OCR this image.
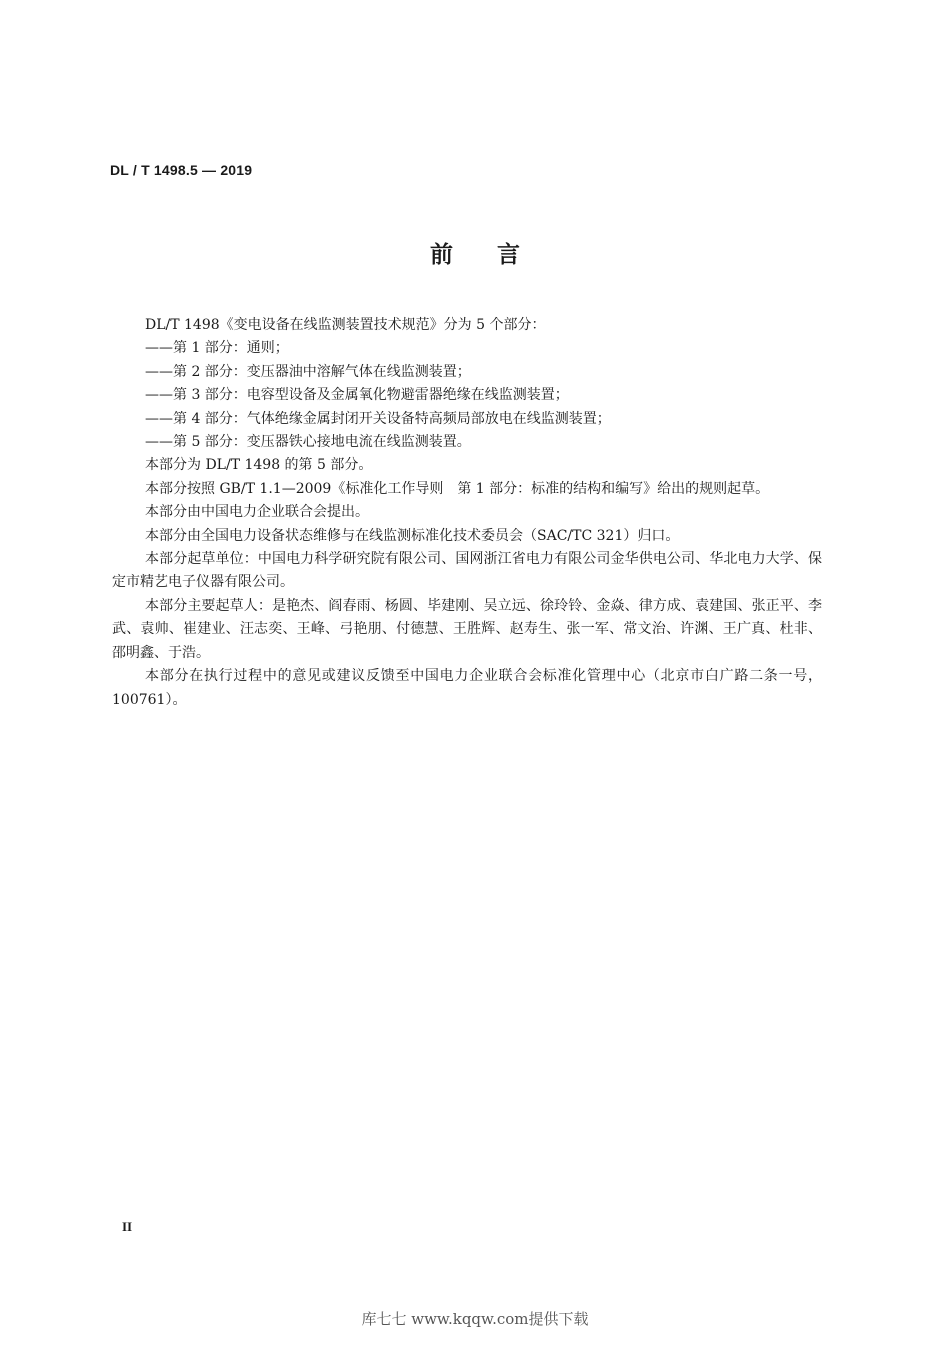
DL / T 1498.5 — 2019
前言

DL/T 1498《变电设备在线监测装置技术规范》分为 5 个部分：

——第 1 部分：通则；

——第 2 部分：变压器油中溶解气体在线监测装置；

——第 3 部分：电容型设备及金属氧化物避雷器绝缘在线监测装置；

——第 4 部分：气体绝缘金属封闭开关设备特高频局部放电在线监测装置；

——第 5 部分：变压器铁心接地电流在线监测装置。

本部分为 DL/T 1498 的第 5 部分。

本部分按照 GB/T 1.1—2009《标准化工作导则　第 1 部分：标准的结构和编写》给出的规则起草。

本部分由中国电力企业联合会提出。

本部分由全国电力设备状态维修与在线监测标准化技术委员会（SAC/TC 321）归口。

本部分起草单位：中国电力科学研究院有限公司、国网浙江省电力有限公司金华供电公司、华北电力大学、保定市精艺电子仪器有限公司。

本部分主要起草人：是艳杰、阎春雨、杨圆、毕建刚、吴立远、徐玲铃、金焱、律方成、袁建国、张正平、李武、袁帅、崔建业、汪志奕、王峰、弓艳朋、付德慧、王胜辉、赵寿生、张一军、常文治、许渊、王广真、杜非、邵明鑫、于浩。

本部分在执行过程中的意见或建议反馈至中国电力企业联合会标准化管理中心（北京市白广路二条一号，100761）。

II
库七七 www.kqqw.com提供下载
